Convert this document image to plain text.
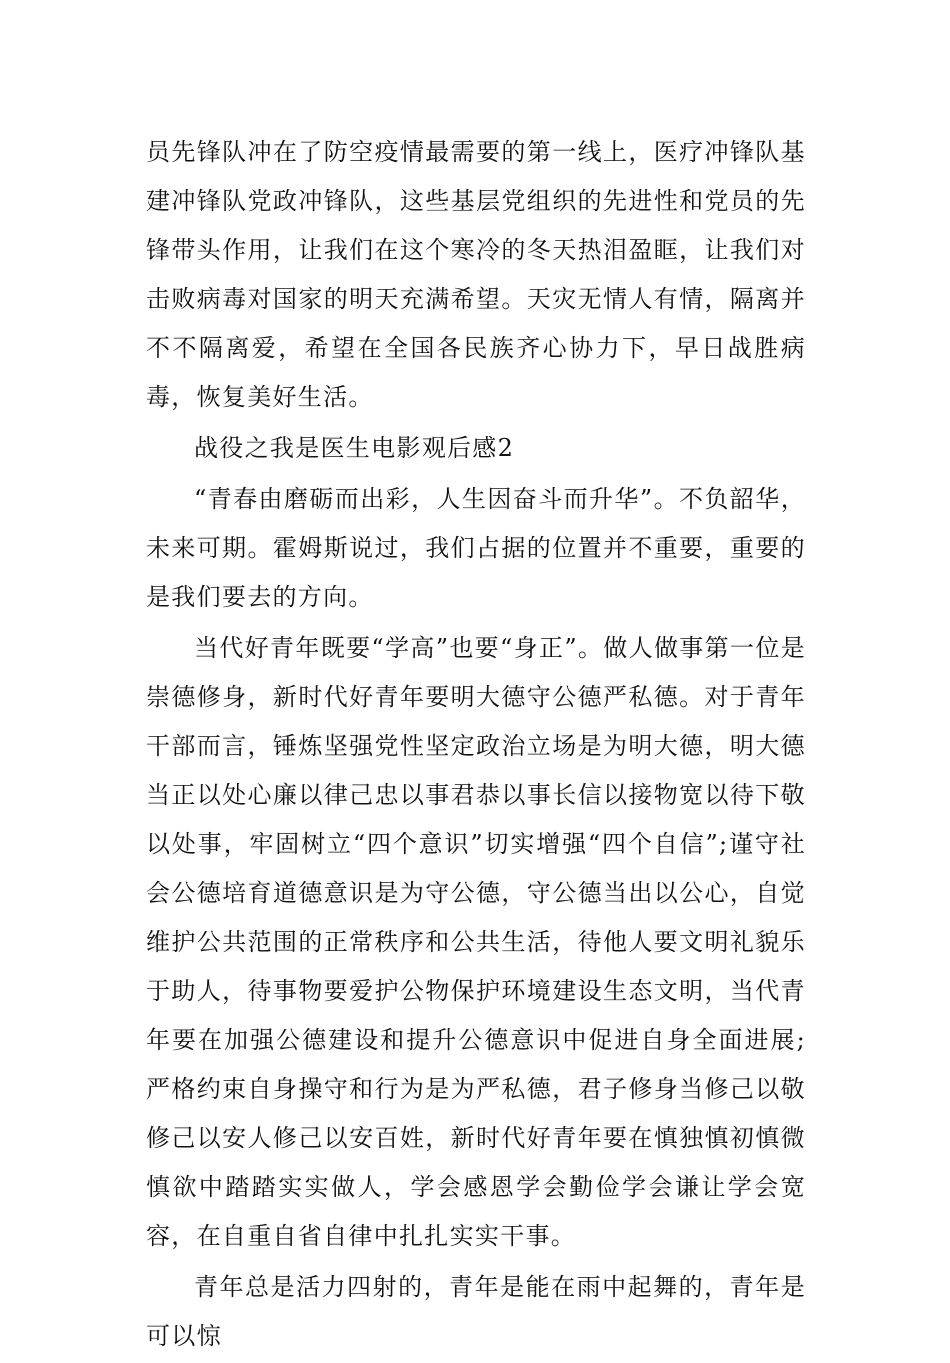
员先锋队冲在了防空疫情最需要的第一线上，医疗冲锋队基建冲锋队党政冲锋队，这些基层党组织的先进性和党员的先锋带头作用，让我们在这个寒冷的冬天热泪盈眶，让我们对击败病毒对国家的明天充满希望。天灾无情人有情，隔离并不不隔离爱，希望在全国各民族齐心协力下，早日战胜病毒，恢复美好生活。

战役之我是医生电影观后感2

“青春由磨砺而出彩，人生因奋斗而升华”。不负韶华，未来可期。霍姆斯说过，我们占据的位置并不重要，重要的是我们要去的方向。

当代好青年既要“学高”也要“身正”。做人做事第一位是崇德修身，新时代好青年要明大德守公德严私德。对于青年干部而言，锤炼坚强党性坚定政治立场是为明大德，明大德当正以处心廉以律己忠以事君恭以事长信以接物宽以待下敬以处事，牢固树立“四个意识”切实增强“四个自信”;谨守社会公德培育道德意识是为守公德，守公德当出以公心，自觉维护公共范围的正常秩序和公共生活，待他人要文明礼貌乐于助人，待事物要爱护公物保护环境建设生态文明，当代青年要在加强公德建设和提升公德意识中促进自身全面进展;严格约束自身操守和行为是为严私德，君子修身当修己以敬修己以安人修己以安百姓，新时代好青年要在慎独慎初慎微慎欲中踏踏实实做人，学会感恩学会勤俭学会谦让学会宽容，在自重自省自律中扎扎实实干事。

青年总是活力四射的，青年是能在雨中起舞的，青年是可以惊
